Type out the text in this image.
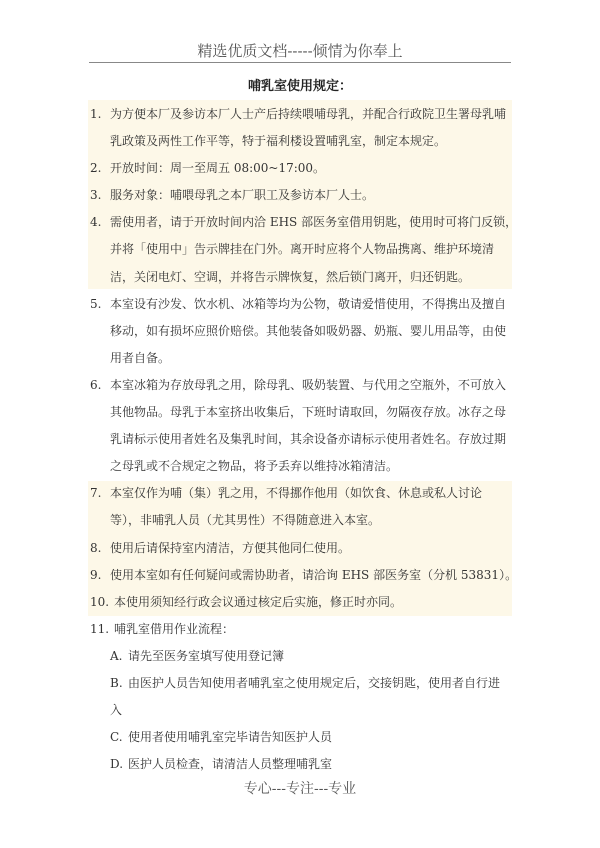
精选优质文档-----倾情为你奉上
哺乳室使用规定：
1. 为方便本厂及参访本厂人士产后持续喂哺母乳，并配合行政院卫生署母乳哺
乳政策及两性工作平等，特于福利楼设置哺乳室，制定本规定。
2. 开放时间：周一至周五 08:00~17:00。
3. 服务对象：哺喂母乳之本厂职工及参访本厂人士。
4. 需使用者，请于开放时间内洽 EHS 部医务室借用钥匙，使用时可将门反锁，
并将「使用中」告示牌挂在门外。离开时应将个人物品携离、维护环境清
洁，关闭电灯、空调，并将告示牌恢复，然后锁门离开，归还钥匙。
5. 本室设有沙发、饮水机、冰箱等均为公物，敬请爱惜使用，不得携出及擅自
移动，如有损坏应照价赔偿。其他装备如吸奶器、奶瓶、婴儿用品等，由使
用者自备。
6. 本室冰箱为存放母乳之用，除母乳、吸奶装置、与代用之空瓶外，不可放入
其他物品。母乳于本室挤出收集后，下班时请取回，勿隔夜存放。冰存之母
乳请标示使用者姓名及集乳时间，其余设备亦请标示使用者姓名。存放过期
之母乳或不合规定之物品，将予丢弃以维持冰箱清洁。
7. 本室仅作为哺（集）乳之用，不得挪作他用（如饮食、休息或私人讨论
等），非哺乳人员（尤其男性）不得随意进入本室。
8. 使用后请保持室内清洁，方便其他同仁使用。
9. 使用本室如有任何疑问或需协助者，请洽询 EHS 部医务室（分机 53831）。
10. 本使用须知经行政会议通过核定后实施，修正时亦同。
11. 哺乳室借用作业流程：
A. 请先至医务室填写使用登记簿
B. 由医护人员告知使用者哺乳室之使用规定后，交接钥匙，使用者自行进
入
C. 使用者使用哺乳室完毕请告知医护人员
D. 医护人员检查，请清洁人员整理哺乳室
专心---专注---专业
